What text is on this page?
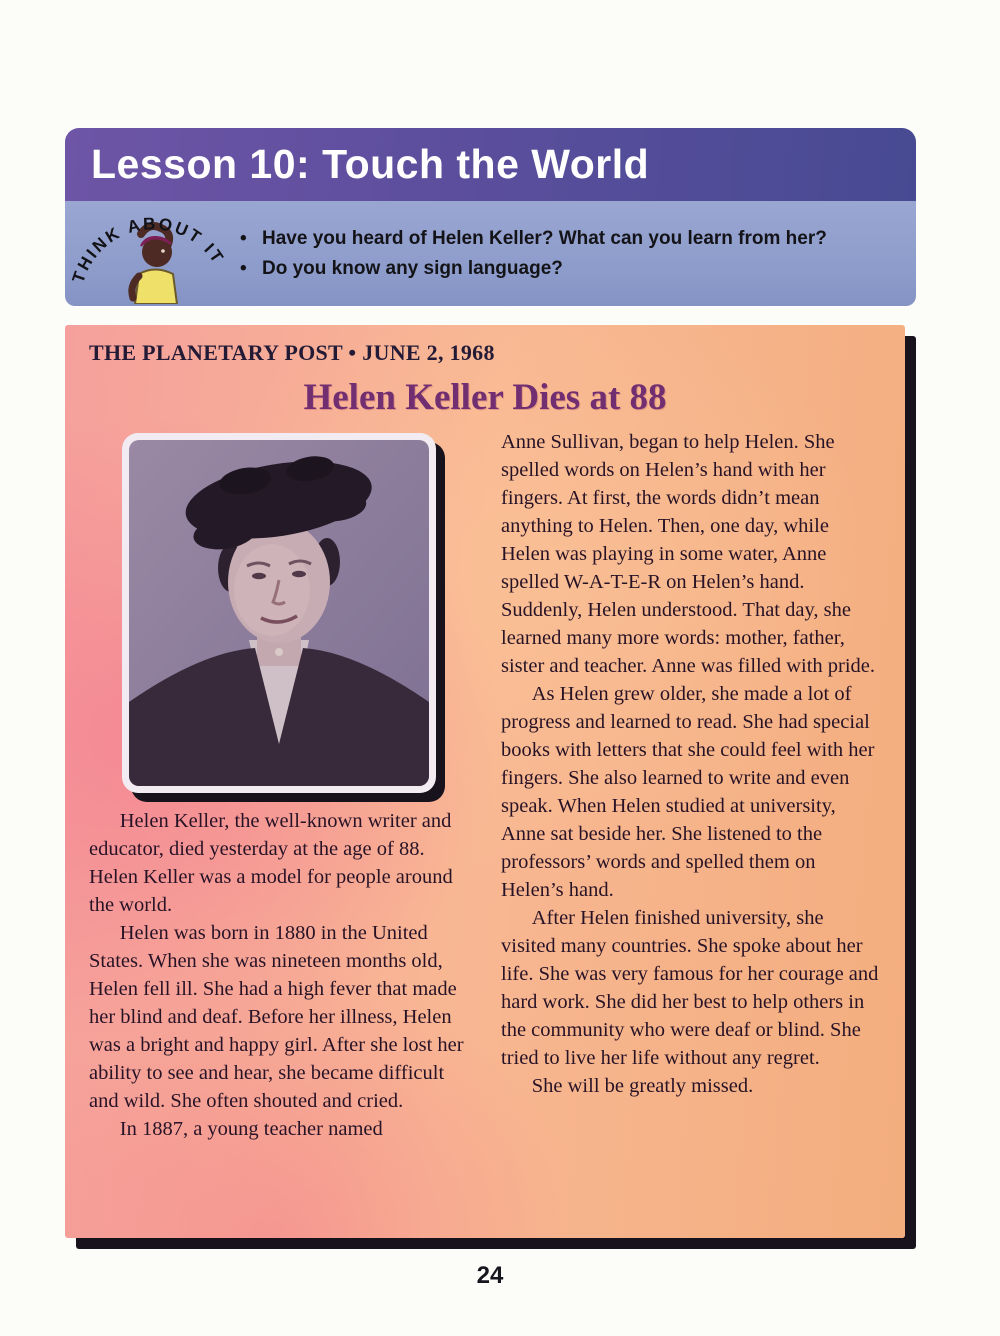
Lesson 10: Touch the World
THINK ABOUT IT
• Have you heard of Helen Keller? What can you learn from her?
• Do you know any sign language?
THE PLANETARY POST • JUNE 2, 1968
Helen Keller Dies at 88

Helen Keller, the well-known writer and educator, died yesterday at the age of 88. Helen Keller was a model for people around the world.

Helen was born in 1880 in the United States. When she was nineteen months old, Helen fell ill. She had a high fever that made her blind and deaf. Before her illness, Helen was a bright and happy girl. After she lost her ability to see and hear, she became difficult and wild. She often shouted and cried.

In 1887, a young teacher named

Anne Sullivan, began to help Helen. She spelled words on Helen’s hand with her fingers. At first, the words didn’t mean anything to Helen. Then, one day, while Helen was playing in some water, Anne spelled W-A-T-E-R on Helen’s hand. Suddenly, Helen understood. That day, she learned many more words: mother, father, sister and teacher. Anne was filled with pride.

As Helen grew older, she made a lot of progress and learned to read. She had special books with letters that she could feel with her fingers. She also learned to write and even speak. When Helen studied at university, Anne sat beside her. She listened to the professors’ words and spelled them on Helen’s hand.

After Helen finished university, she visited many countries. She spoke about her life. She was very famous for her courage and hard work. She did her best to help others in the community who were deaf or blind. She tried to live her life without any regret.

She will be greatly missed.

24
